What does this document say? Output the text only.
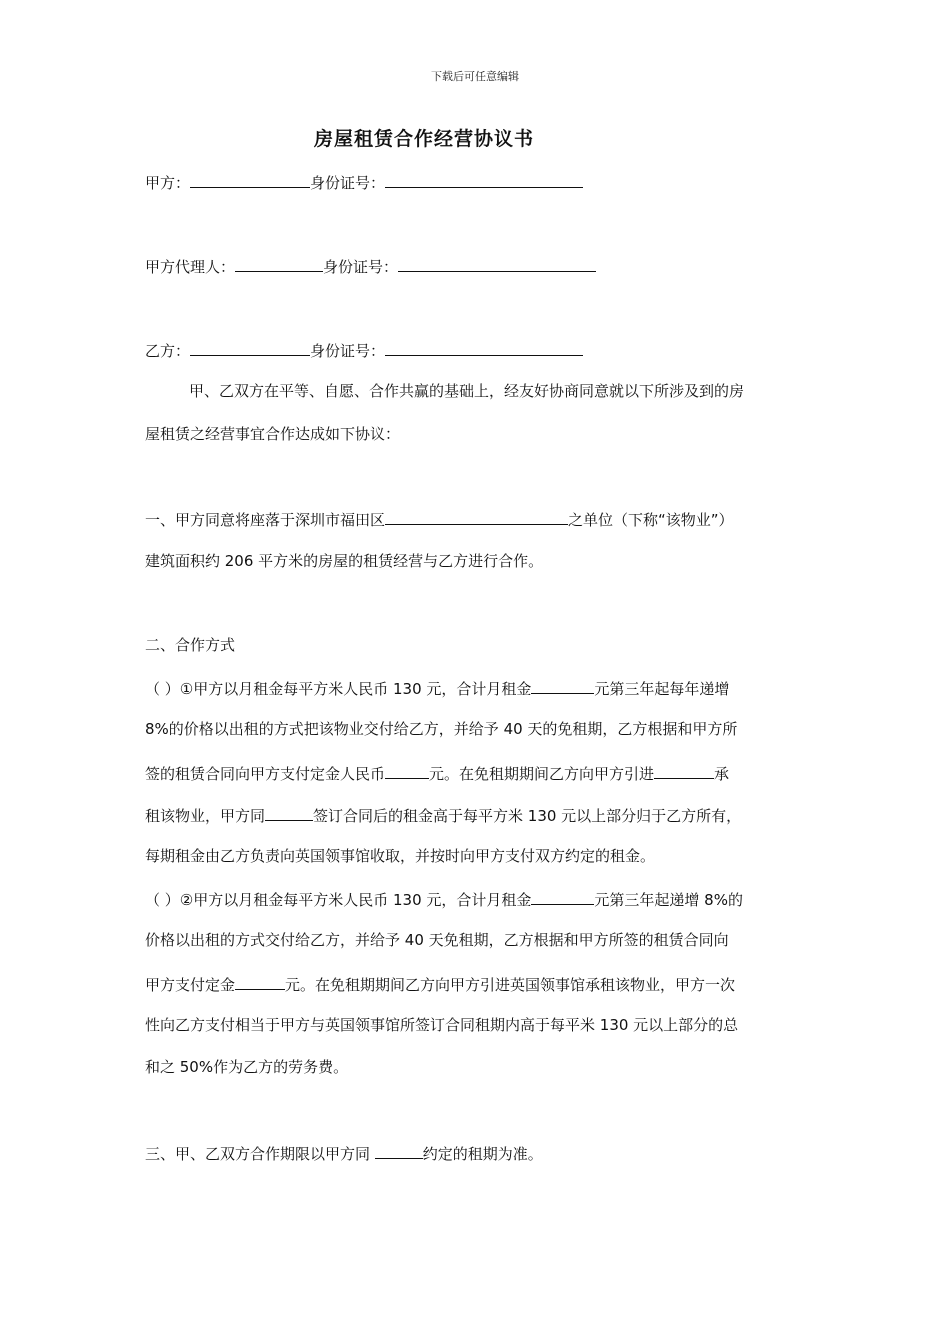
下载后可任意编辑
房屋租赁合作经营协议书
甲方：	身份证号：
甲方代理人：	身份证号：
乙方：	身份证号：
甲、乙双方在平等、自愿、合作共赢的基础上，经友好协商同意就以下所涉及到的房
屋租赁之经营事宜合作达成如下协议：
一、甲方同意将座落于深圳市福田区	之单位（下称“该物业”）
建筑面积约 206 平方米的房屋的租赁经营与乙方进行合作。
二、合作方式
（ ）①甲方以月租金每平方米人民币 130 元，合计月租金	元第三年起每年递增
8%的价格以出租的方式把该物业交付给乙方，并给予 40 天的免租期，乙方根据和甲方所
签的租赁合同向甲方支付定金人民币	元。在免租期期间乙方向甲方引进	承
租该物业，甲方同	签订合同后的租金高于每平方米 130 元以上部分归于乙方所有，
每期租金由乙方负责向英国领事馆收取，并按时向甲方支付双方约定的租金。
（ ）②甲方以月租金每平方米人民币 130 元，合计月租金	元第三年起递增 8%的
价格以出租的方式交付给乙方，并给予 40 天免租期，乙方根据和甲方所签的租赁合同向
甲方支付定金	元。在免租期期间乙方向甲方引进英国领事馆承租该物业，甲方一次
性向乙方支付相当于甲方与英国领事馆所签订合同租期内高于每平米 130 元以上部分的总
和之 50%作为乙方的劳务费。
三、甲、乙双方合作期限以甲方同	约定的租期为准。
